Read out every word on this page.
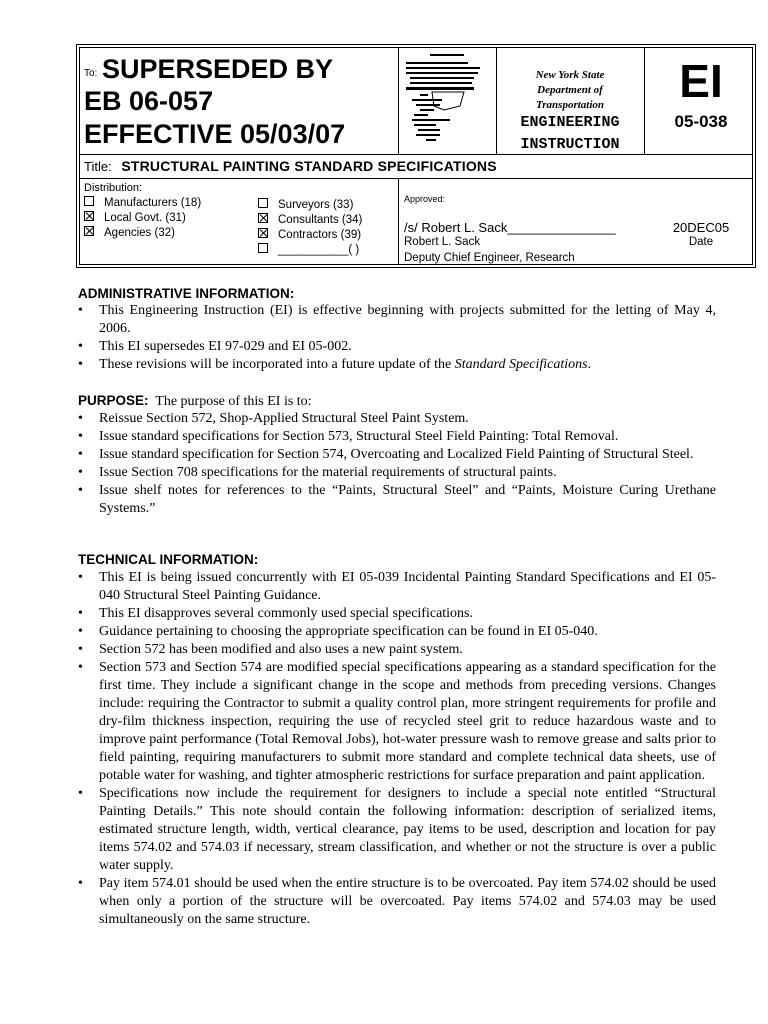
To: SUPERSEDED BY
EB 06-057
EFFECTIVE 05/03/07
New York State
Department of
Transportation
ENGINEERING
INSTRUCTION
EI
05-038
Title: STRUCTURAL PAINTING STANDARD SPECIFICATIONS
Distribution:
Manufacturers (18)
Local Govt. (31)
Agencies (32)
Surveyors (33)
Consultants (34)
Contractors (39)
___________( )
Approved:
/s/ Robert L. Sack_______________
Robert L. Sack
Deputy Chief Engineer, Research
20DEC05
Date
ADMINISTRATIVE INFORMATION:
• This Engineering Instruction (EI) is effective beginning with projects submitted for the letting of May 4, 2006.
• This EI supersedes EI 97-029 and EI 05-002.
• These revisions will be incorporated into a future update of the Standard Specifications.
PURPOSE:  The purpose of this EI is to:
• Reissue Section 572, Shop-Applied Structural Steel Paint System.
• Issue standard specifications for Section 573, Structural Steel Field Painting: Total Removal.
• Issue standard specification for Section 574, Overcoating and Localized Field Painting of Structural Steel.
• Issue Section 708 specifications for the material requirements of structural paints.
• Issue shelf notes for references to the “Paints, Structural Steel” and “Paints, Moisture Curing Urethane Systems.”
TECHNICAL INFORMATION:
• This EI is being issued concurrently with EI 05-039 Incidental Painting Standard Specifications and EI 05-040 Structural Steel Painting Guidance.
• This EI disapproves several commonly used special specifications.
• Guidance pertaining to choosing the appropriate specification can be found in EI 05-040.
• Section 572 has been modified and also uses a new paint system.
• Section 573 and Section 574 are modified special specifications appearing as a standard specification for the first time. They include a significant change in the scope and methods from preceding versions. Changes include: requiring the Contractor to submit a quality control plan, more stringent requirements for profile and dry-film thickness inspection, requiring the use of recycled steel grit to reduce hazardous waste and to improve paint performance (Total Removal Jobs), hot-water pressure wash to remove grease and salts prior to field painting, requiring manufacturers to submit more standard and complete technical data sheets, use of potable water for washing, and tighter atmospheric restrictions for surface preparation and paint application.
• Specifications now include the requirement for designers to include a special note entitled “Structural Painting Details.” This note should contain the following information: description of serialized items, estimated structure length, width, vertical clearance, pay items to be used, description and location for pay items 574.02 and 574.03 if necessary, stream classification, and whether or not the structure is over a public water supply.
• Pay item 574.01 should be used when the entire structure is to be overcoated. Pay item 574.02 should be used when only a portion of the structure will be overcoated. Pay items 574.02 and 574.03 may be used simultaneously on the same structure.
